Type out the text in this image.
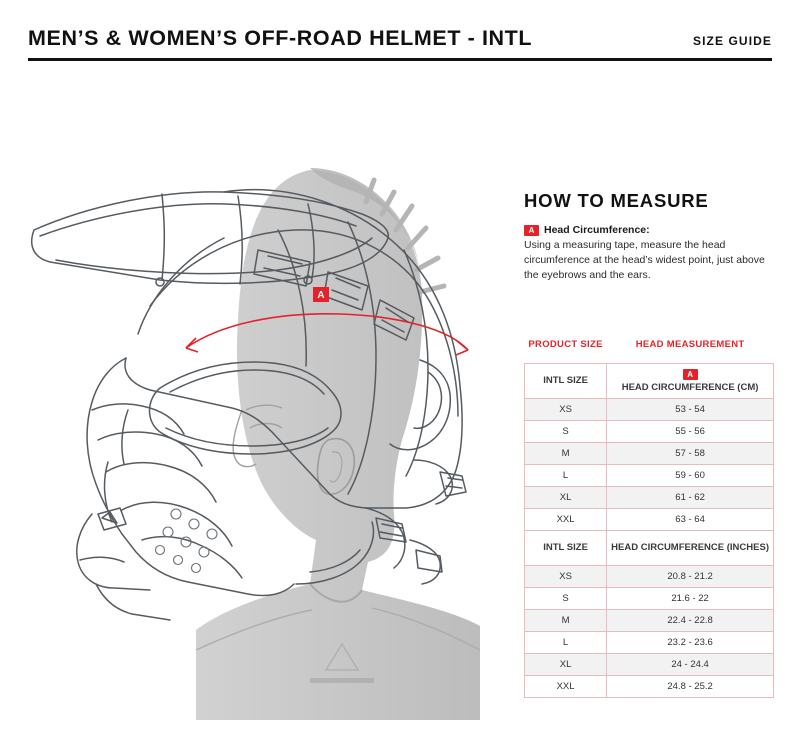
MEN’S & WOMEN’S OFF-ROAD HELMET - INTL	SIZE GUIDE
A
HOW TO MEASURE
A Head Circumference:
Using a measuring tape, measure the head circumference at the head’s widest point, just above the eyebrows and the ears.
PRODUCT SIZE	HEAD MEASUREMENT
INTL SIZE	A
HEAD CIRCUMFERENCE (CM)
XS	53 - 54
S	55 - 56
M	57 - 58
L	59 - 60
XL	61 - 62
XXL	63 - 64
INTL SIZE	HEAD CIRCUMFERENCE (INCHES)
XS	20.8 - 21.2
S	21.6 - 22
M	22.4 - 22.8
L	23.2 - 23.6
XL	24 - 24.4
XXL	24.8 - 25.2
